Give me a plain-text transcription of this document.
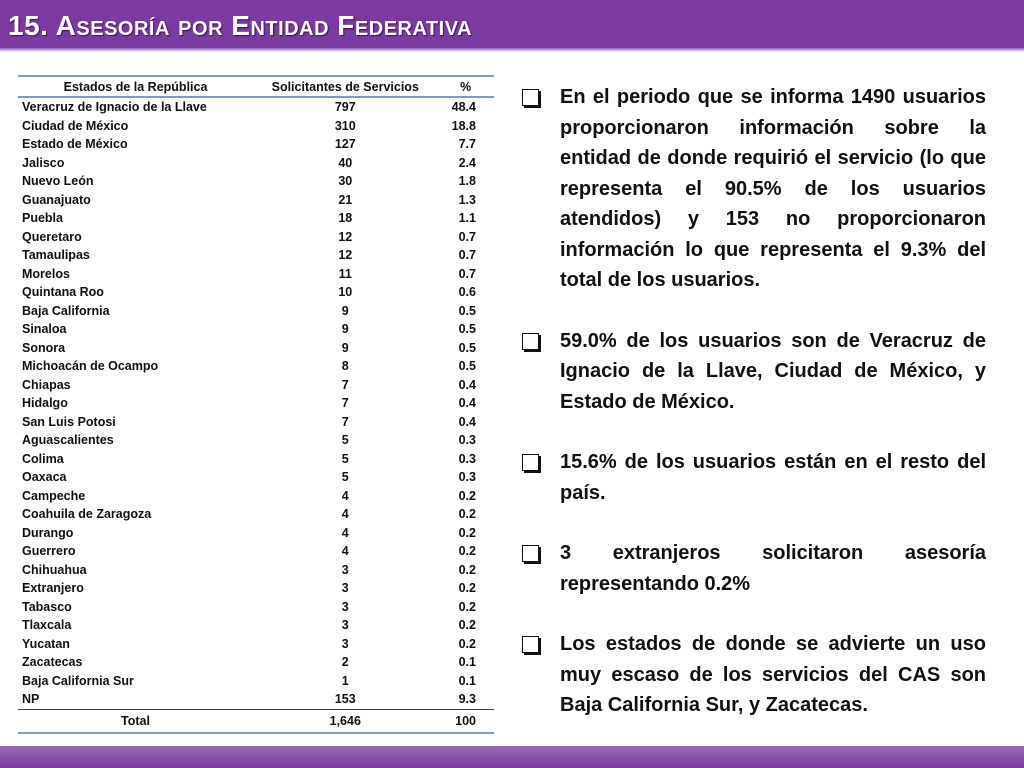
15. Asesoría por Entidad Federativa
Estados de la República	Solicitantes de Servicios	%
Veracruz de Ignacio de la Llave	797	48.4
Ciudad de México	310	18.8
Estado de México	127	7.7
Jalisco	40	2.4
Nuevo León	30	1.8
Guanajuato	21	1.3
Puebla	18	1.1
Queretaro	12	0.7
Tamaulipas	12	0.7
Morelos	11	0.7
Quintana Roo	10	0.6
Baja California	9	0.5
Sinaloa	9	0.5
Sonora	9	0.5
Michoacán de Ocampo	8	0.5
Chiapas	7	0.4
Hidalgo	7	0.4
San Luis Potosi	7	0.4
Aguascalientes	5	0.3
Colima	5	0.3
Oaxaca	5	0.3
Campeche	4	0.2
Coahuila de Zaragoza	4	0.2
Durango	4	0.2
Guerrero	4	0.2
Chihuahua	3	0.2
Extranjero	3	0.2
Tabasco	3	0.2
Tlaxcala	3	0.2
Yucatan	3	0.2
Zacatecas	2	0.1
Baja California Sur	1	0.1
NP	153	9.3
Total	1,646	100
En el periodo que se informa 1490 usuarios proporcionaron información sobre la entidad de donde requirió el servicio (lo que representa el 90.5% de los usuarios atendidos) y 153 no proporcionaron información lo que representa el 9.3% del total de los usuarios.
59.0% de los usuarios son de Veracruz de Ignacio de la Llave, Ciudad de México, y Estado de México.
15.6% de los usuarios están en el resto del país.
3 extranjeros solicitaron asesoría representando 0.2%
Los estados de donde se advierte un uso muy escaso de los servicios del CAS son Baja California Sur, y Zacatecas.
